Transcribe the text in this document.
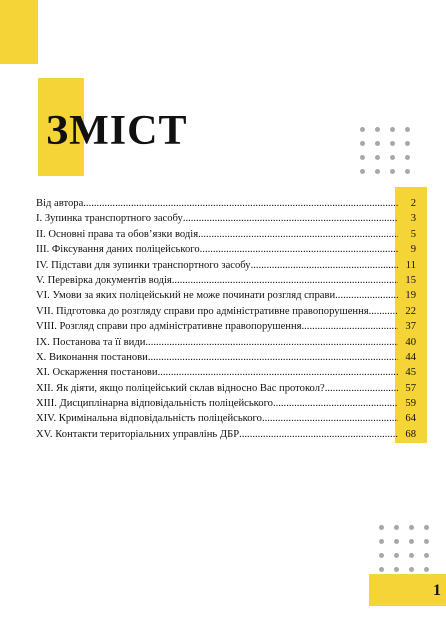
ЗМІСТ
Від автора .....	2
І. Зупинка транспортного засобу .....	3
ІІ. Основні права та обов’язки водія .....	5
ІІІ. Фіксування даних поліцейського .....	9
IV. Підстави для зупинки транспортного засобу .....	11
V. Перевірка документів водія .....	15
VI. Умови за яких поліцейський не може починати розгляд справи .....	19
VІІ. Підготовка до розгляду справи про адміністративне правопорушення .....	22
VIІІ. Розгляд справи про адміністративне правопорушення .....	37
ІХ. Постанова та її види .....	40
Х. Виконання постанови .....	44
ХI. Оскарження постанови .....	45
ХІІ. Як діяти, якщо поліцейський склав відносно Вас протокол? .....	57
ХІІІ. Дисциплінарна відповідальність поліцейського .....	59
ХIV. Кримінальна відповідальність поліцейського .....	64
ХV. Контакти територіальних управлінь ДБР .....	68
1
